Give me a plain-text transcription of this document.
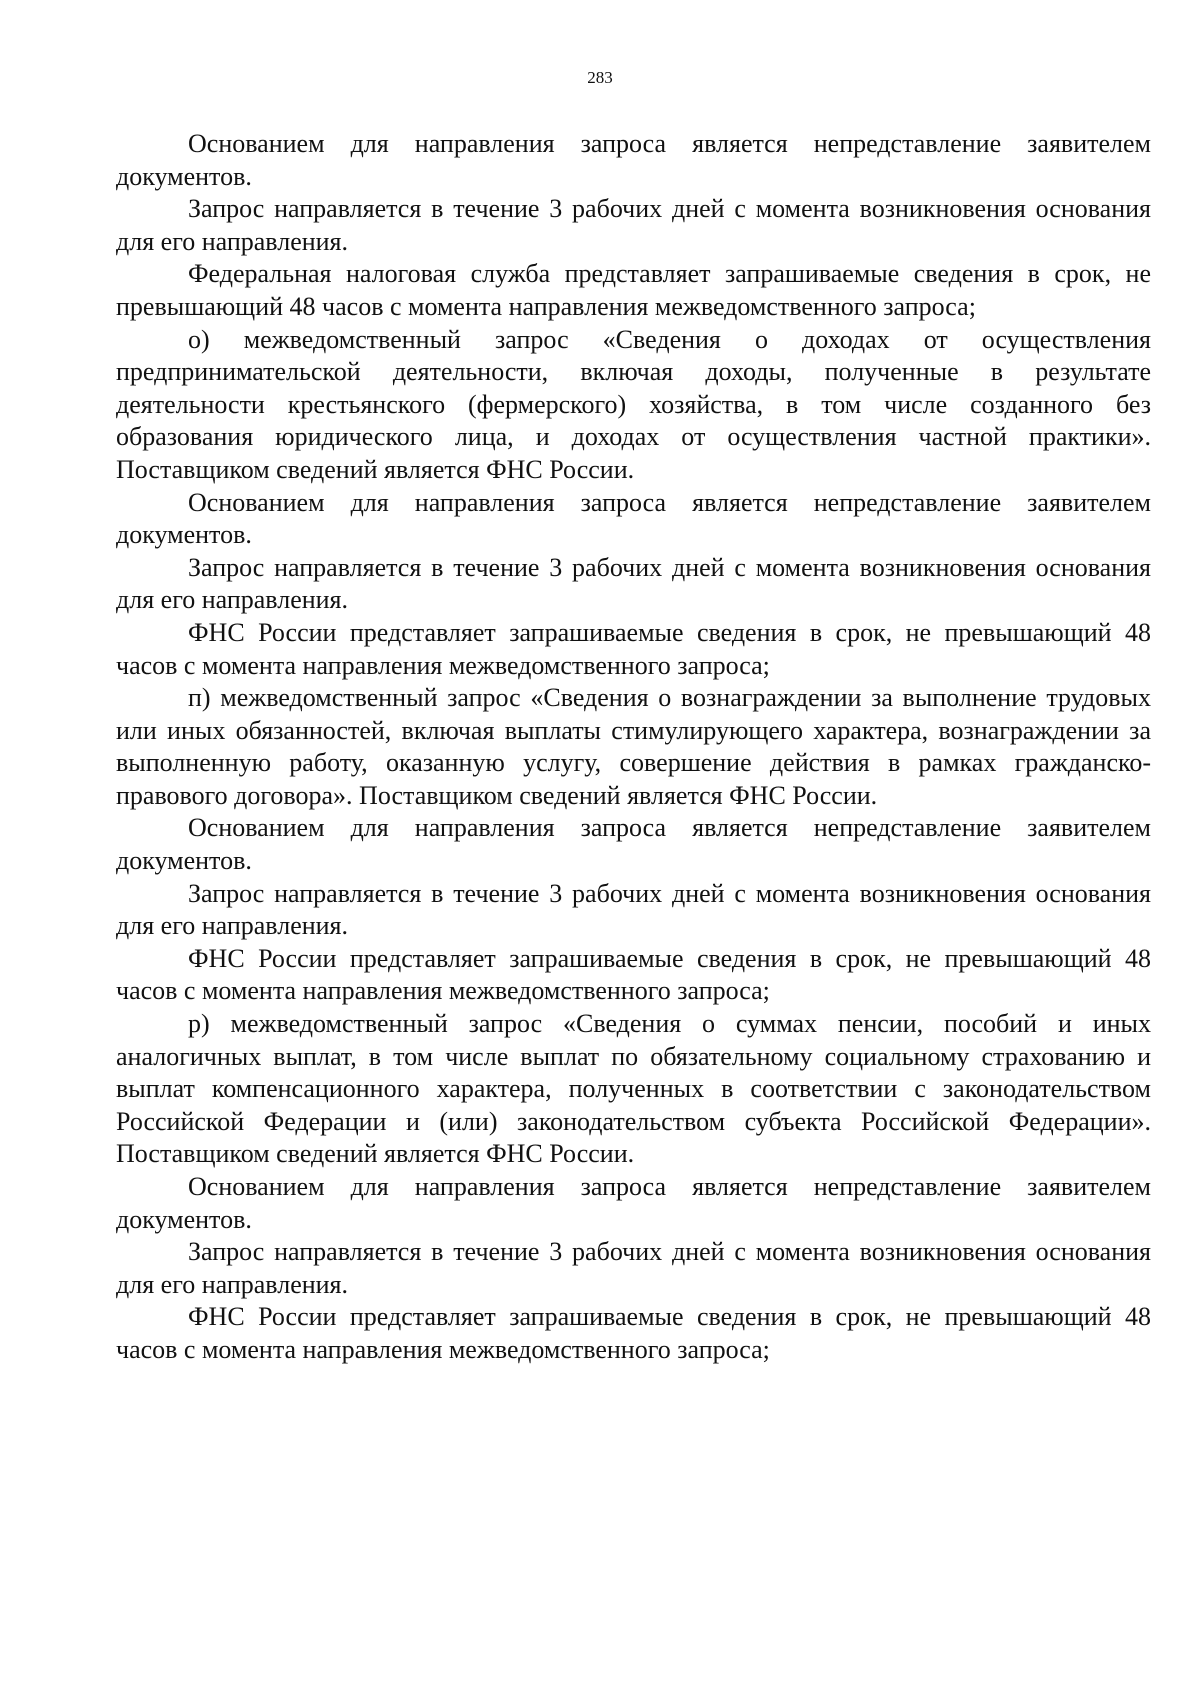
283

Основанием для направления запроса является непредставление заявителем документов.

Запрос направляется в течение 3 рабочих дней с момента возникновения основания для его направления.

Федеральная налоговая служба представляет запрашиваемые сведения в срок, не превышающий 48 часов с момента направления межведомственного запроса;

о) межведомственный запрос «Сведения о доходах от осуществления предпринимательской деятельности, включая доходы, полученные в результате деятельности крестьянского (фермерского) хозяйства, в том числе созданного без образования юридического лица, и доходах от осуществления частной практики». Поставщиком сведений является ФНС России.

Основанием для направления запроса является непредставление заявителем документов.

Запрос направляется в течение 3 рабочих дней с момента возникновения основания для его направления.

ФНС России представляет запрашиваемые сведения в срок, не превышающий 48 часов с момента направления межведомственного запроса;

п) межведомственный запрос «Сведения о вознаграждении за выполнение трудовых или иных обязанностей, включая выплаты стимулирующего характера, вознаграждении за выполненную работу, оказанную услугу, совершение действия в рамках гражданско-правового договора». Поставщиком сведений является ФНС России.

Основанием для направления запроса является непредставление заявителем документов.

Запрос направляется в течение 3 рабочих дней с момента возникновения основания для его направления.

ФНС России представляет запрашиваемые сведения в срок, не превышающий 48 часов с момента направления межведомственного запроса;

р) межведомственный запрос «Сведения о суммах пенсии, пособий и иных аналогичных выплат, в том числе выплат по обязательному социальному страхованию и выплат компенсационного характера, полученных в соответствии с законодательством Российской Федерации и (или) законодательством субъекта Российской Федерации». Поставщиком сведений является ФНС России.

Основанием для направления запроса является непредставление заявителем документов.

Запрос направляется в течение 3 рабочих дней с момента возникновения основания для его направления.

ФНС России представляет запрашиваемые сведения в срок, не превышающий 48 часов с момента направления межведомственного запроса;
